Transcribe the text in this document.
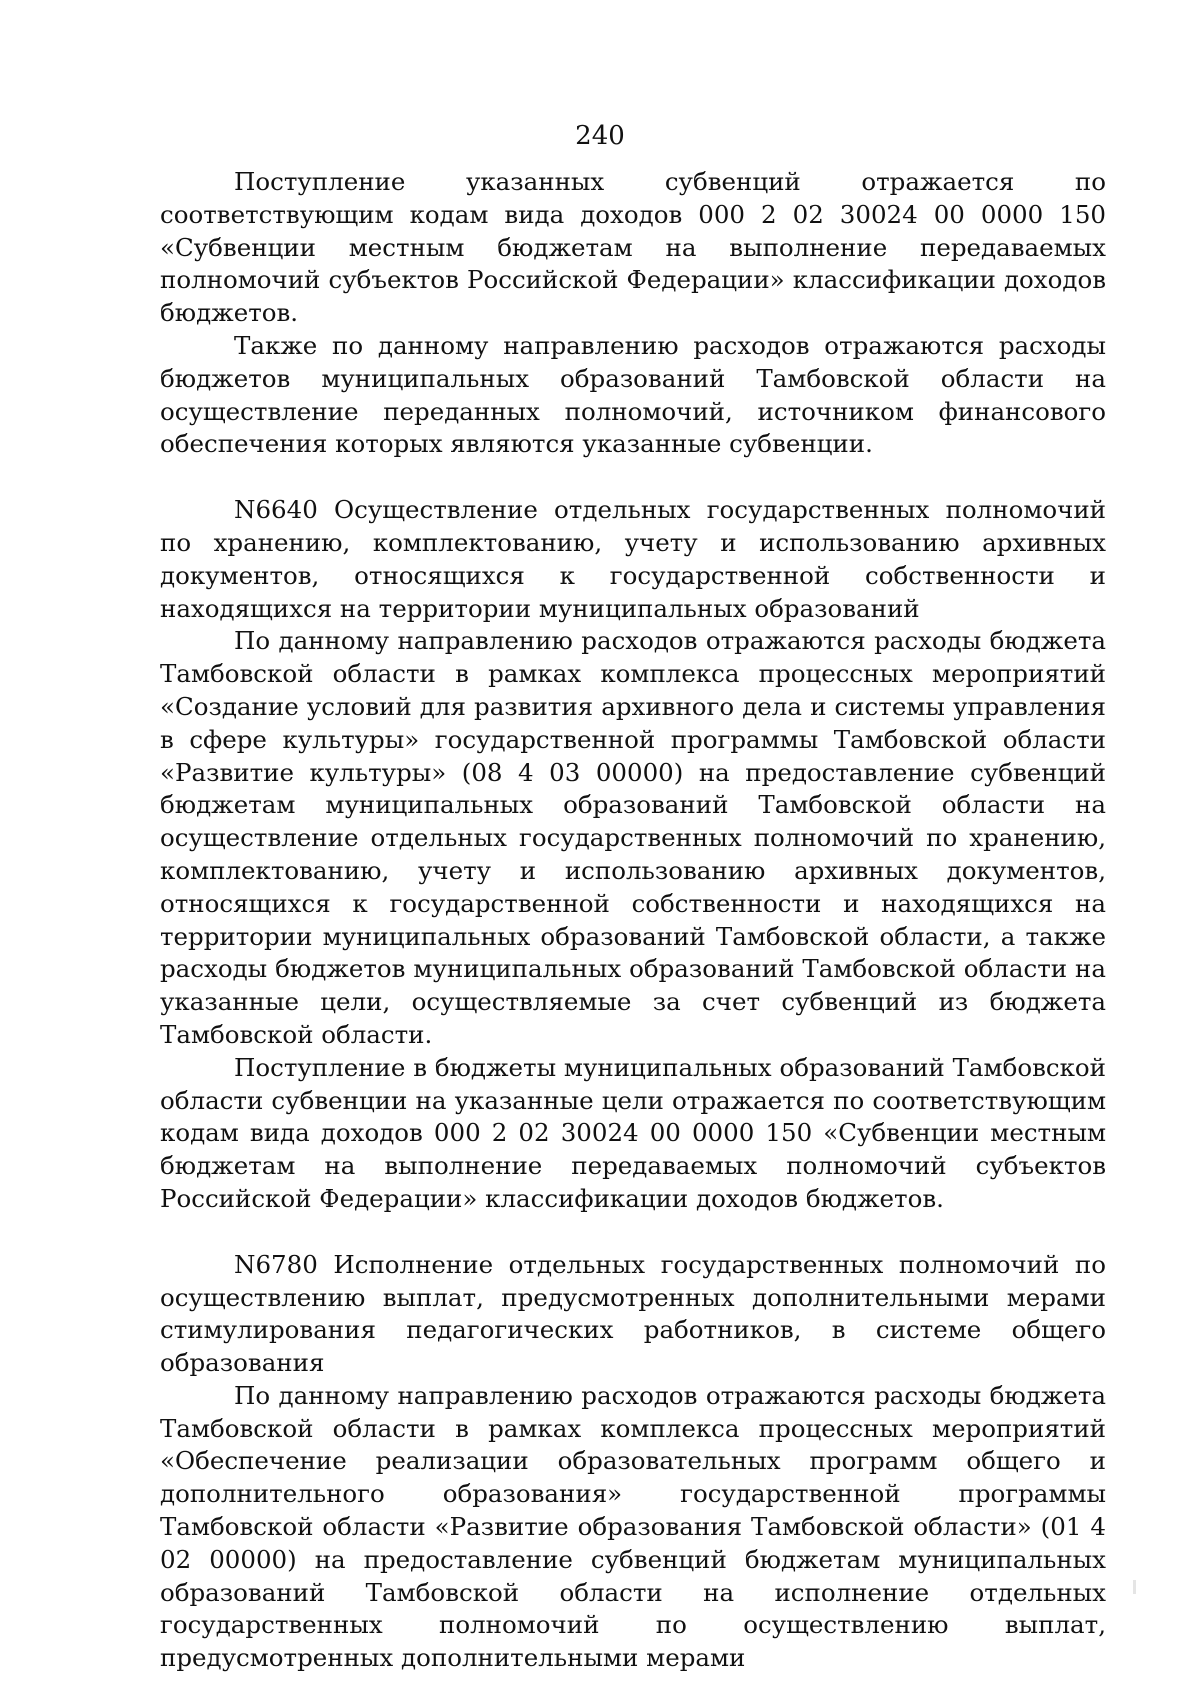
240

Поступление указанных субвенций отражается по соответствующим кодам вида доходов 000 2 02 30024 00 0000 150 «Субвенции местным бюджетам на выполнение передаваемых полномочий субъектов Российской Федерации» классификации доходов бюджетов.

Также по данному направлению расходов отражаются расходы бюджетов муниципальных образований Тамбовской области на осуществление переданных полномочий, источником финансового обеспечения которых являются указанные субвенции.

N6640 Осуществление отдельных государственных полномочий по хранению, комплектованию, учету и использованию архивных документов, относящихся к государственной собственности и находящихся на территории муниципальных образований

По данному направлению расходов отражаются расходы бюджета Тамбовской области в рамках комплекса процессных мероприятий «Создание условий для развития архивного дела и системы управления в сфере культуры» государственной программы Тамбовской области «Развитие культуры» (08 4 03 00000) на предоставление субвенций бюджетам муниципальных образований Тамбовской области на осуществление отдельных государственных полномочий по хранению, комплектованию, учету и использованию архивных документов, относящихся к государственной собственности и находящихся на территории муниципальных образований Тамбовской области, а также расходы бюджетов муниципальных образований Тамбовской области на указанные цели, осуществляемые за счет субвенций из бюджета Тамбовской области.

Поступление в бюджеты муниципальных образований Тамбовской области субвенции на указанные цели отражается по соответствующим кодам вида доходов 000 2 02 30024 00 0000 150 «Субвенции местным бюджетам на выполнение передаваемых полномочий субъектов Российской Федерации» классификации доходов бюджетов.

N6780 Исполнение отдельных государственных полномочий по осуществлению выплат, предусмотренных дополнительными мерами стимулирования педагогических работников, в системе общего образования

По данному направлению расходов отражаются расходы бюджета Тамбовской области в рамках комплекса процессных мероприятий «Обеспечение реализации образовательных программ общего и дополнительного образования» государственной программы Тамбовской области «Развитие образования Тамбовской области» (01 4 02 00000) на предоставление субвенций бюджетам муниципальных образований Тамбовской области на исполнение отдельных государственных полномочий по осуществлению выплат, предусмотренных дополнительными мерами
